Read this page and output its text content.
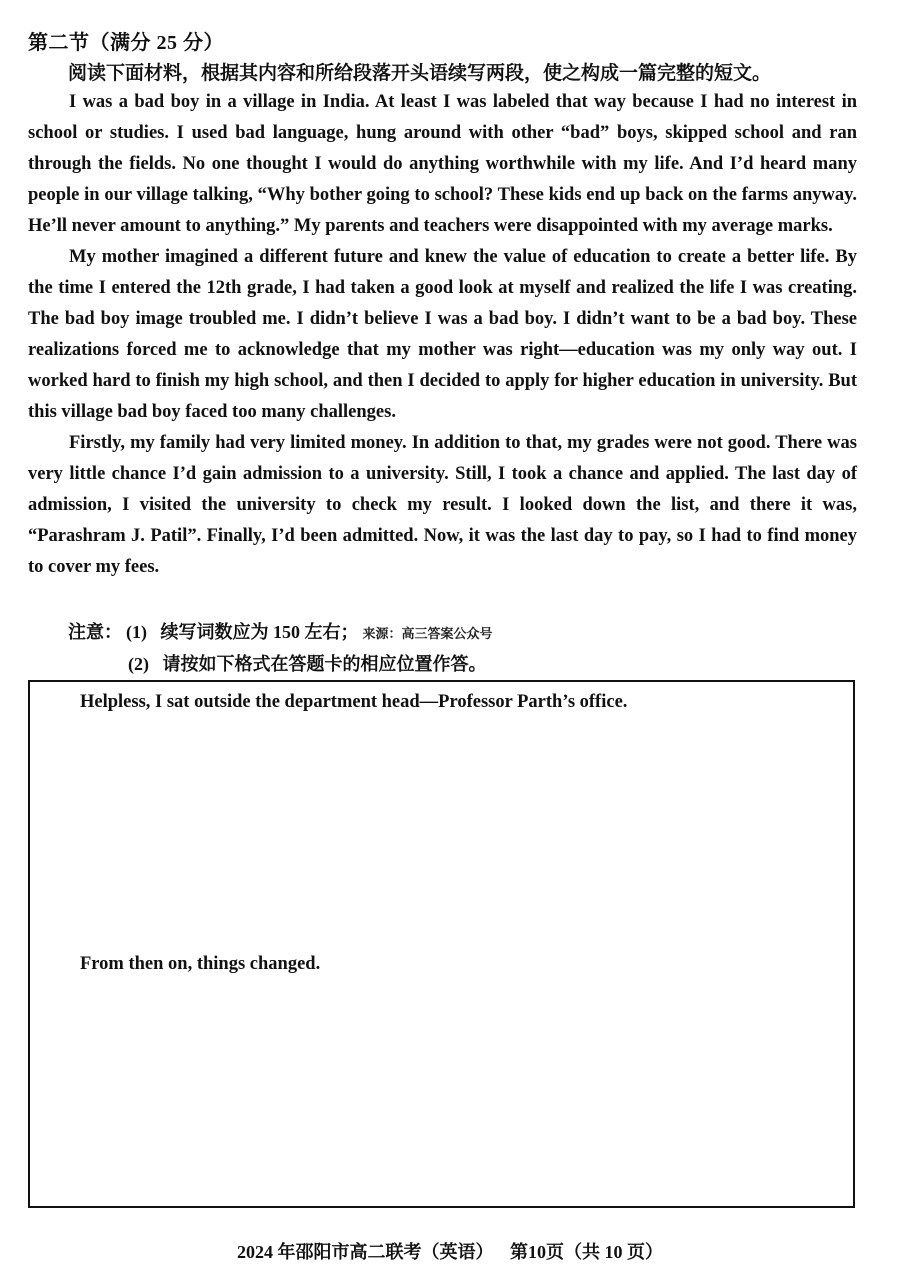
第二节（满分 25 分）
阅读下面材料，根据其内容和所给段落开头语续写两段，使之构成一篇完整的短文。

I was a bad boy in a village in India. At least I was labeled that way because I had no interest in school or studies. I used bad language, hung around with other “bad” boys, skipped school and ran through the fields. No one thought I would do anything worthwhile with my life. And I’d heard many people in our village talking, “Why bother going to school? These kids end up back on the farms anyway. He’ll never amount to anything.” My parents and teachers were disappointed with my average marks.

My mother imagined a different future and knew the value of education to create a better life. By the time I entered the 12th grade, I had taken a good look at myself and realized the life I was creating. The bad boy image troubled me. I didn’t believe I was a bad boy. I didn’t want to be a bad boy. These realizations forced me to acknowledge that my mother was right—education was my only way out. I worked hard to finish my high school, and then I decided to apply for higher education in university. But this village bad boy faced too many challenges.

Firstly, my family had very limited money. In addition to that, my grades were not good. There was very little chance I’d gain admission to a university. Still, I took a chance and applied. The last day of admission, I visited the university to check my result. I looked down the list, and there it was, “Parashram J. Patil”. Finally, I’d been admitted. Now, it was the last day to pay, so I had to find money to cover my fees.

注意： (1) 续写词数应为 150 左右； 来源：高三答案公众号
(2) 请按如下格式在答题卡的相应位置作答。
Helpless, I sat outside the department head—Professor Parth’s office.
From then on, things changed.
2024 年邵阳市高二联考（英语） 第10页（共 10 页）
